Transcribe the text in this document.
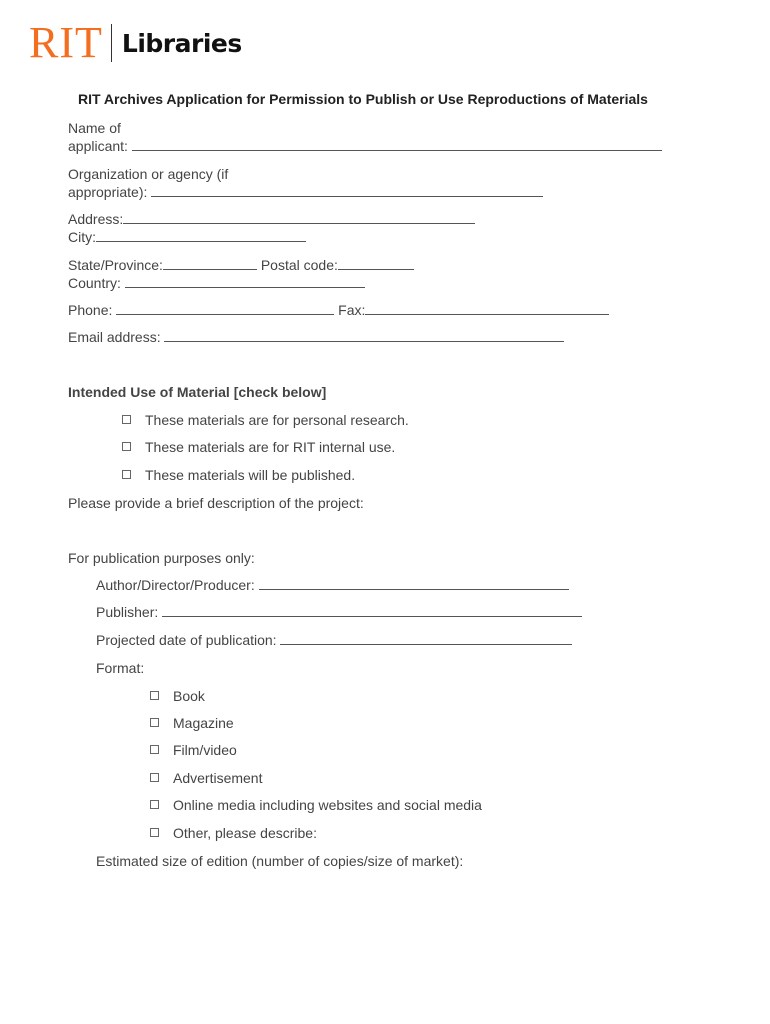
RIT Libraries
RIT Archives Application for Permission to Publish or Use Reproductions of Materials
Name of
applicant:
Organization or agency (if
appropriate):
Address:
City:
State/Province:	Postal code:
Country:
Phone:	Fax:
Email address:
Intended Use of Material [check below]
These materials are for personal research.
These materials are for RIT internal use.
These materials will be published.
Please provide a brief description of the project:
For publication purposes only:
Author/Director/Producer:
Publisher:
Projected date of publication:
Format:
Book
Magazine
Film/video
Advertisement
Online media including websites and social media
Other, please describe:
Estimated size of edition (number of copies/size of market):
